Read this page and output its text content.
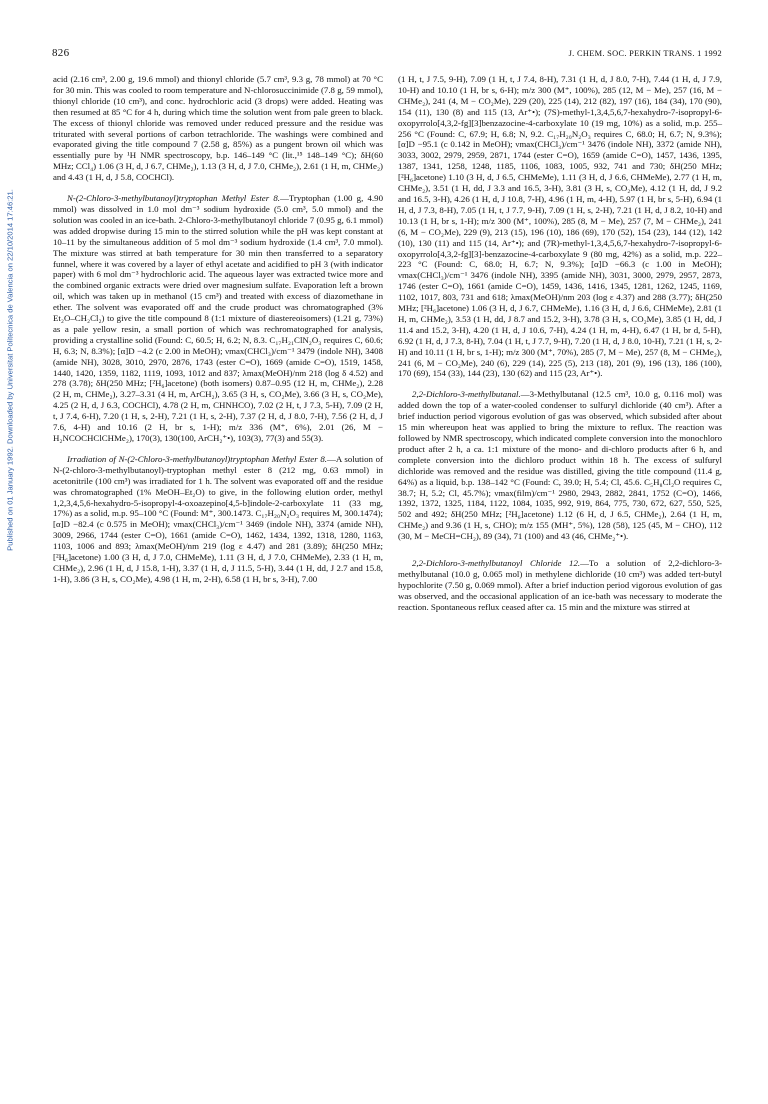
826	J. CHEM. SOC. PERKIN TRANS. 1 1992
Published on 01 January 1992. Downloaded by Universitat Politecnica de Valencia on 22/10/2014 17:46:21.

acid (2.16 cm³, 2.00 g, 19.6 mmol) and thionyl chloride (5.7 cm³, 9.3 g, 78 mmol) at 70 °C for 30 min. This was cooled to room temperature and N-chlorosuccinimide (7.8 g, 59 mmol), thionyl chloride (10 cm³), and conc. hydrochloric acid (3 drops) were added. Heating was then resumed at 85 °C for 4 h, during which time the solution went from pale green to black. The excess of thionyl chloride was removed under reduced pressure and the residue was triturated with several portions of carbon tetrachloride. The washings were combined and evaporated giving the title compound 7 (2.58 g, 85%) as a pungent brown oil which was essentially pure by ¹H NMR spectroscopy, b.p. 146–149 °C (lit.,¹⁵ 148–149 °C); δH(60 MHz; CCl₄) 1.06 (3 H, d, J 6.7, CHMe₂), 1.13 (3 H, d, J 7.0, CHMe₂), 2.61 (1 H, m, CHMe₂) and 4.43 (1 H, d, J 5.8, COCHCl).

N-(2-Chloro-3-methylbutanoyl)tryptophan Methyl Ester 8.—Tryptophan (1.00 g, 4.90 mmol) was dissolved in 1.0 mol dm⁻³ sodium hydroxide (5.0 cm³, 5.0 mmol) and the solution was cooled in an ice-bath. 2-Chloro-3-methylbutanoyl chloride 7 (0.95 g, 6.1 mmol) was added dropwise during 15 min to the stirred solution while the pH was kept constant at 10–11 by the simultaneous addition of 5 mol dm⁻³ sodium hydroxide (1.4 cm³, 7.0 mmol). The mixture was stirred at bath temperature for 30 min then transferred to a separatory funnel, where it was covered by a layer of ethyl acetate and acidified to pH 3 (with indicator paper) with 6 mol dm⁻³ hydrochloric acid. The aqueous layer was extracted twice more and the combined organic extracts were dried over magnesium sulfate. Evaporation left a brown oil, which was taken up in methanol (15 cm³) and treated with excess of diazomethane in ether. The solvent was evaporated off and the crude product was chromatographed (3% Et₂O–CH₂Cl₂) to give the title compound 8 (1:1 mixture of diastereoisomers) (1.21 g, 73%) as a pale yellow resin, a small portion of which was rechromatographed for analysis, providing a crystalline solid (Found: C, 60.5; H, 6.2; N, 8.3. C₁₇H₂₁ClN₂O₃ requires C, 60.6; H, 6.3; N, 8.3%); [α]D −4.2 (c 2.00 in MeOH); νmax(CHCl₃)/cm⁻¹ 3479 (indole NH), 3408 (amide NH), 3028, 3010, 2970, 2876, 1743 (ester C=O), 1669 (amide C=O), 1519, 1458, 1440, 1420, 1359, 1182, 1119, 1093, 1012 and 837; λmax(MeOH)/nm 218 (log δ 4.52) and 278 (3.78); δH(250 MHz; [²H₆]acetone) (both isomers) 0.87–0.95 (12 H, m, CHMe₂), 2.28 (2 H, m, CHMe₂), 3.27–3.31 (4 H, m, ArCH₂), 3.65 (3 H, s, CO₂Me), 3.66 (3 H, s, CO₂Me), 4.25 (2 H, d, J 6.3, COCHCl), 4.78 (2 H, m, CHNHCO), 7.02 (2 H, t, J 7.3, 5-H), 7.09 (2 H, t, J 7.4, 6-H), 7.20 (1 H, s, 2-H), 7.21 (1 H, s, 2-H), 7.37 (2 H, d, J 8.0, 7-H), 7.56 (2 H, d, J 7.6, 4-H) and 10.16 (2 H, br s, 1-H); m/z 336 (M⁺, 6%), 2.01 (26, M − H₂NCOCHClCHMe₂), 170(3), 130(100, ArCH₂⁺•), 103(3), 77(3) and 55(3).

Irradiation of N-(2-Chloro-3-methylbutanoyl)tryptophan Methyl Ester 8.—A solution of N-(2-chloro-3-methylbutanoyl)-tryptophan methyl ester 8 (212 mg, 0.63 mmol) in acetonitrile (100 cm³) was irradiated for 1 h. The solvent was evaporated off and the residue was chromatographed (1% MeOH–Et₂O) to give, in the following elution order, methyl 1,2,3,4,5,6-hexahydro-5-isopropyl-4-oxoazepino[4,5-b]indole-2-carboxylate 11 (33 mg, 17%) as a solid, m.p. 95–100 °C (Found: M⁺, 300.1473. C₁₇H₂₀N₂O₃ requires M, 300.1474); [α]D −82.4 (c 0.575 in MeOH); νmax(CHCl₃)/cm⁻¹ 3469 (indole NH), 3374 (amide NH), 3009, 2966, 1744 (ester C=O), 1661 (amide C=O), 1462, 1434, 1392, 1318, 1280, 1163, 1103, 1006 and 893; λmax(MeOH)/nm 219 (log ε 4.47) and 281 (3.89); δH(250 MHz; [²H₆]acetone) 1.00 (3 H, d, J 7.0, CHMeMe), 1.11 (3 H, d, J 7.0, CHMeMe), 2.33 (1 H, m, CHMe₂), 2.96 (1 H, d, J 15.8, 1-H), 3.37 (1 H, d, J 11.5, 5-H), 3.44 (1 H, dd, J 2.7 and 15.8, 1-H), 3.86 (3 H, s, CO₂Me), 4.98 (1 H, m, 2-H), 6.58 (1 H, br s, 3-H), 7.00

(1 H, t, J 7.5, 9-H), 7.09 (1 H, t, J 7.4, 8-H), 7.31 (1 H, d, J 8.0, 7-H), 7.44 (1 H, d, J 7.9, 10-H) and 10.10 (1 H, br s, 6-H); m/z 300 (M⁺, 100%), 285 (12, M − Me), 257 (16, M − CHMe₂), 241 (4, M − CO₂Me), 229 (20), 225 (14), 212 (82), 197 (16), 184 (34), 170 (90), 154 (11), 130 (8) and 115 (13, Ar⁺•); (7S)-methyl-1,3,4,5,6,7-hexahydro-7-isopropyl-6-oxopyrrolo[4,3,2-fg][3]benzazocine-4-carboxylate 10 (19 mg, 10%) as a solid, m.p. 255–256 °C (Found: C, 67.9; H, 6.8; N, 9.2. C₁₇H₂₀N₂O₃ requires C, 68.0; H, 6.7; N, 9.3%); [α]D −95.1 (c 0.142 in MeOH); νmax(CHCl₃)/cm⁻¹ 3476 (indole NH), 3372 (amide NH), 3033, 3002, 2979, 2959, 2871, 1744 (ester C=O), 1659 (amide C=O), 1457, 1436, 1395, 1387, 1341, 1258, 1248, 1185, 1106, 1083, 1005, 932, 741 and 730; δH(250 MHz; [²H₆]acetone) 1.10 (3 H, d, J 6.5, CHMeMe), 1.11 (3 H, d, J 6.6, CHMeMe), 2.77 (1 H, m, CHMe₂), 3.51 (1 H, dd, J 3.3 and 16.5, 3-H), 3.81 (3 H, s, CO₂Me), 4.12 (1 H, dd, J 9.2 and 16.5, 3-H), 4.26 (1 H, d, J 10.8, 7-H), 4.96 (1 H, m, 4-H), 5.97 (1 H, br s, 5-H), 6.94 (1 H, d, J 7.3, 8-H), 7.05 (1 H, t, J 7.7, 9-H), 7.09 (1 H, s, 2-H), 7.21 (1 H, d, J 8.2, 10-H) and 10.13 (1 H, br s, 1-H); m/z 300 (M⁺, 100%), 285 (8, M − Me), 257 (7, M − CHMe₂), 241 (6, M − CO₂Me), 229 (9), 213 (15), 196 (10), 186 (69), 170 (52), 154 (23), 144 (12), 142 (10), 130 (11) and 115 (14, Ar⁺•); and (7R)-methyl-1,3,4,5,6,7-hexahydro-7-isopropyl-6-oxopyrrolo[4,3,2-fg][3]-benzazocine-4-carboxylate 9 (80 mg, 42%) as a solid, m.p. 222–223 °C (Found: C, 68.0; H, 6.7; N, 9.3%); [α]D −66.3 (c 1.00 in MeOH); νmax(CHCl₃)/cm⁻¹ 3476 (indole NH), 3395 (amide NH), 3031, 3000, 2979, 2957, 2873, 1746 (ester C=O), 1661 (amide C=O), 1459, 1436, 1416, 1345, 1281, 1262, 1245, 1169, 1102, 1017, 803, 731 and 618; λmax(MeOH)/nm 203 (log ε 4.37) and 288 (3.77); δH(250 MHz; [²H₆]acetone) 1.06 (3 H, d, J 6.7, CHMeMe), 1.16 (3 H, d, J 6.6, CHMeMe), 2.81 (1 H, m, CHMe₂), 3.53 (1 H, dd, J 8.7 and 15.2, 3-H), 3.78 (3 H, s, CO₂Me), 3.85 (1 H, dd, J 11.4 and 15.2, 3-H), 4.20 (1 H, d, J 10.6, 7-H), 4.24 (1 H, m, 4-H), 6.47 (1 H, br d, 5-H), 6.92 (1 H, d, J 7.3, 8-H), 7.04 (1 H, t, J 7.7, 9-H), 7.20 (1 H, d, J 8.0, 10-H), 7.21 (1 H, s, 2-H) and 10.11 (1 H, br s, 1-H); m/z 300 (M⁺, 70%), 285 (7, M − Me), 257 (8, M − CHMe₂), 241 (6, M − CO₂Me), 240 (6), 229 (14), 225 (5), 213 (18), 201 (9), 196 (13), 186 (100), 170 (69), 154 (33), 144 (23), 130 (62) and 115 (23, Ar⁺•).

2,2-Dichloro-3-methylbutanal.—3-Methylbutanal (12.5 cm³, 10.0 g, 0.116 mol) was added down the top of a water-cooled condenser to sulfuryl dichloride (40 cm³). After a brief induction period vigorous evolution of gas was observed, which subsided after about 15 min whereupon heat was applied to bring the mixture to reflux. The reaction was followed by NMR spectroscopy, which indicated complete conversion into the monochloro product after 2 h, a ca. 1:1 mixture of the mono- and di-chloro products after 6 h, and complete conversion into the dichloro product within 18 h. The excess of sulfuryl dichloride was removed and the residue was distilled, giving the title compound (11.4 g, 64%) as a liquid, b.p. 138–142 °C (Found: C, 39.0; H, 5.4; Cl, 45.6. C₅H₈Cl₂O requires C, 38.7; H, 5.2; Cl, 45.7%); νmax(film)/cm⁻¹ 2980, 2943, 2882, 2841, 1752 (C=O), 1466, 1392, 1372, 1325, 1184, 1122, 1084, 1035, 992, 919, 864, 775, 730, 672, 627, 550, 525, 502 and 492; δH(250 MHz; [²H₆]acetone) 1.12 (6 H, d, J 6.5, CHMe₂), 2.64 (1 H, m, CHMe₂) and 9.36 (1 H, s, CHO); m/z 155 (MH⁺, 5%), 128 (58), 125 (45, M − CHO), 112 (30, M − MeCH=CH₂), 89 (34), 71 (100) and 43 (46, CHMe₂⁺•).

2,2-Dichloro-3-methylbutanoyl Chloride 12.—To a solution of 2,2-dichloro-3-methylbutanal (10.0 g, 0.065 mol) in methylene dichloride (10 cm³) was added tert-butyl hypochlorite (7.50 g, 0.069 mmol). After a brief induction period vigorous evolution of gas was observed, and the occasional application of an ice-bath was necessary to moderate the reaction. Spontaneous reflux ceased after ca. 15 min and the mixture was stirred at
